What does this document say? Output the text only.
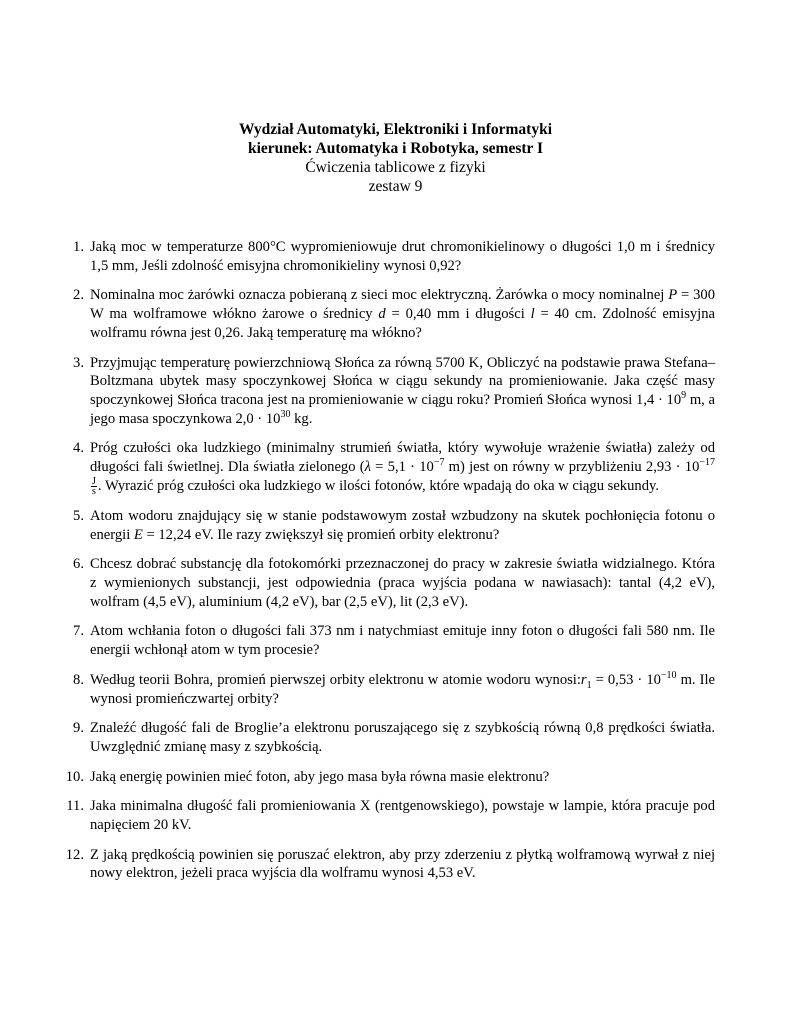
Wydział Automatyki, Elektroniki i Informatyki
kierunek: Automatyka i Robotyka, semestr I
Ćwiczenia tablicowe z fizyki
zestaw 9
1. Jaką moc w temperaturze 800°C wypromieniowuje drut chromonikielinowy o długości 1,0 m i średnicy 1,5 mm, Jeśli zdolność emisyjna chromonikieliny wynosi 0,92?
2. Nominalna moc żarówki oznacza pobieraną z sieci moc elektryczną. Żarówka o mocy nominalnej P = 300 W ma wolframowe włókno żarowe o średnicy d = 0,40 mm i długości l = 40 cm. Zdolność emisyjna wolframu równa jest 0,26. Jaką temperaturę ma włókno?
3. Przyjmując temperaturę powierzchniową Słońca za równą 5700 K, Obliczyć na podstawie prawa Stefana–Boltzmana ubytek masy spoczynkowej Słońca w ciągu sekundy na promieniowanie. Jaka część masy spoczynkowej Słońca tracona jest na promieniowanie w ciągu roku? Promień Słońca wynosi $1,4 \cdot 10^9$ m, a jego masa spoczynkowa $2,0 \cdot 10^{30}$ kg.
4. Próg czułości oka ludzkiego (minimalny strumień światła, który wywołuje wrażenie światła) zależy od długości fali świetlnej. Dla światła zielonego ($\lambda = 5,1 \cdot 10^{-7}$ m) jest on równy w przybliżeniu $2,93 \cdot 10^{-17}$
$\frac{J}{s}$ . Wyrazić próg czułości oka ludzkiego w ilości fotonów, które wpadają do oka w ciągu sekundy.
5. Atom wodoru znajdujący się w stanie podstawowym został wzbudzony na skutek pochłonięcia fotonu o energii E = 12,24 eV. Ile razy zwiększył się promień orbity elektronu?
6. Chcesz dobrać substancję dla fotokomórki przeznaczonej do pracy w zakresie światła widzialnego. Która z wymienionych substancji, jest odpowiednia (praca wyjścia podana w nawiasach): tantal (4,2 eV), wolfram (4,5 eV), aluminium (4,2 eV), bar (2,5 eV), lit (2,3 eV).
7. Atom wchłania foton o długości fali 373 nm i natychmiast emituje inny foton o długości fali 580 nm. Ile energii wchłonął atom w tym procesie?
8. Według teorii Bohra, promień pierwszej orbity elektronu w atomie wodoru $wynosi:r_1 = 0,53 \cdot 10^{-10}$ m. Ile wynosi promieńczwartej orbity?
9. Znaleźć długość fali de Broglie’a elektronu poruszającego się z szybkością równą 0,8 prędkości światła. Uwzględnić zmianę masy z szybkością.
10. Jaką energię powinien mieć foton, aby jego masa była równa masie elektronu?
11. Jaka minimalna długość fali promieniowania X (rentgenowskiego), powstaje w lampie, która pracuje pod napięciem 20 kV.
12. Z jaką prędkością powinien się poruszać elektron, aby przy zderzeniu z płytką wolframową wyrwał z niej nowy elektron, jeżeli praca wyjścia dla wolframu wynosi 4,53 eV.
